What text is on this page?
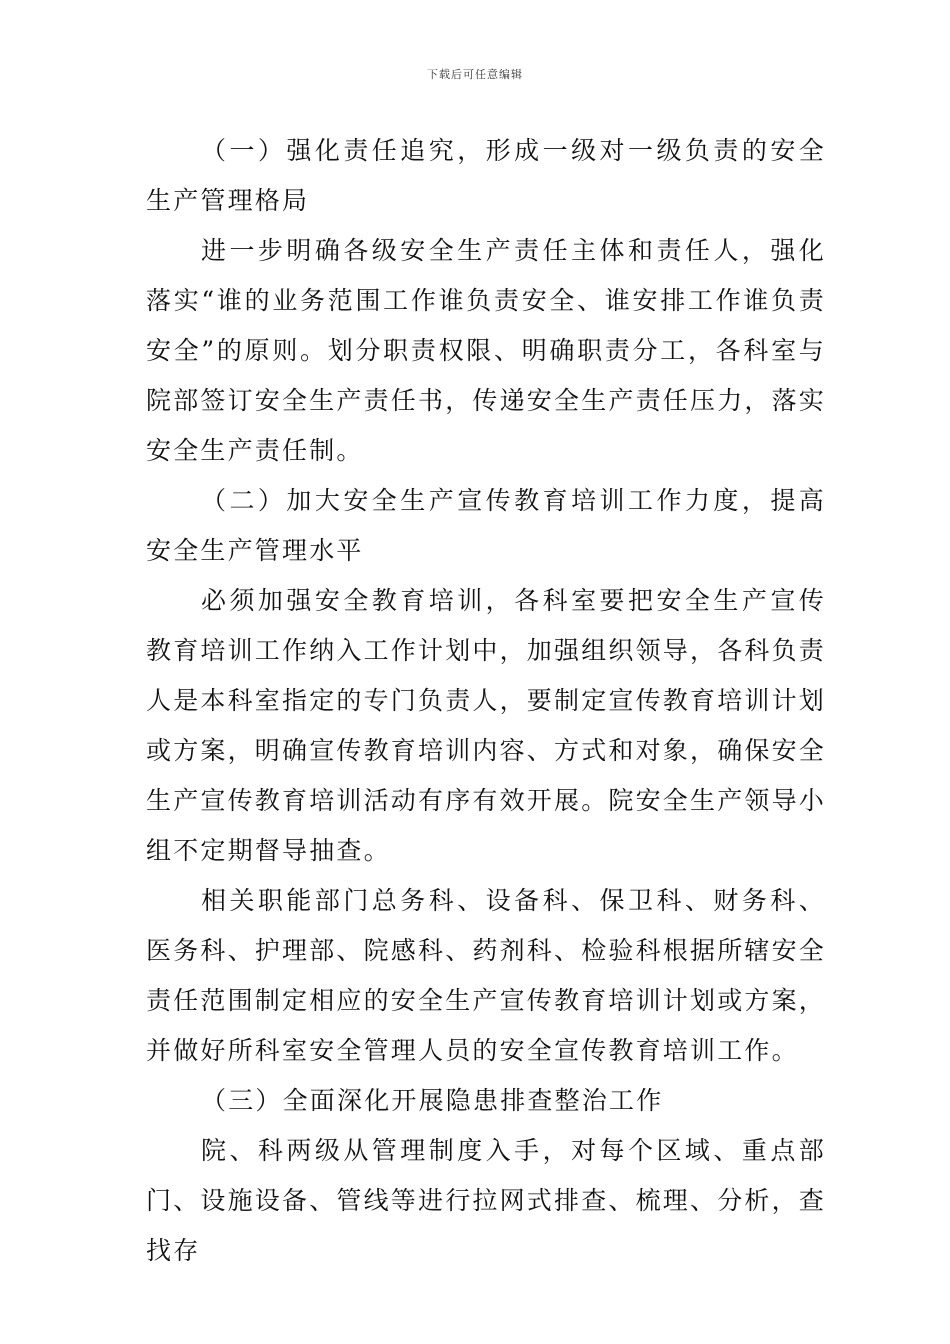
下载后可任意编辑

（一）强化责任追究，形成一级对一级负责的安全生产管理格局

进一步明确各级安全生产责任主体和责任人，强化落实“谁的业务范围工作谁负责安全、谁安排工作谁负责安全”的原则。划分职责权限、明确职责分工，各科室与院部签订安全生产责任书，传递安全生产责任压力，落实安全生产责任制。

（二）加大安全生产宣传教育培训工作力度，提高安全生产管理水平

必须加强安全教育培训，各科室要把安全生产宣传教育培训工作纳入工作计划中，加强组织领导，各科负责人是本科室指定的专门负责人，要制定宣传教育培训计划或方案，明确宣传教育培训内容、方式和对象，确保安全生产宣传教育培训活动有序有效开展。院安全生产领导小组不定期督导抽查。

相关职能部门总务科、设备科、保卫科、财务科、医务科、护理部、院感科、药剂科、检验科根据所辖安全责任范围制定相应的安全生产宣传教育培训计划或方案，并做好所科室安全管理人员的安全宣传教育培训工作。

（三）全面深化开展隐患排查整治工作

院、科两级从管理制度入手，对每个区域、重点部门、设施设备、管线等进行拉网式排查、梳理、分析，查找存
